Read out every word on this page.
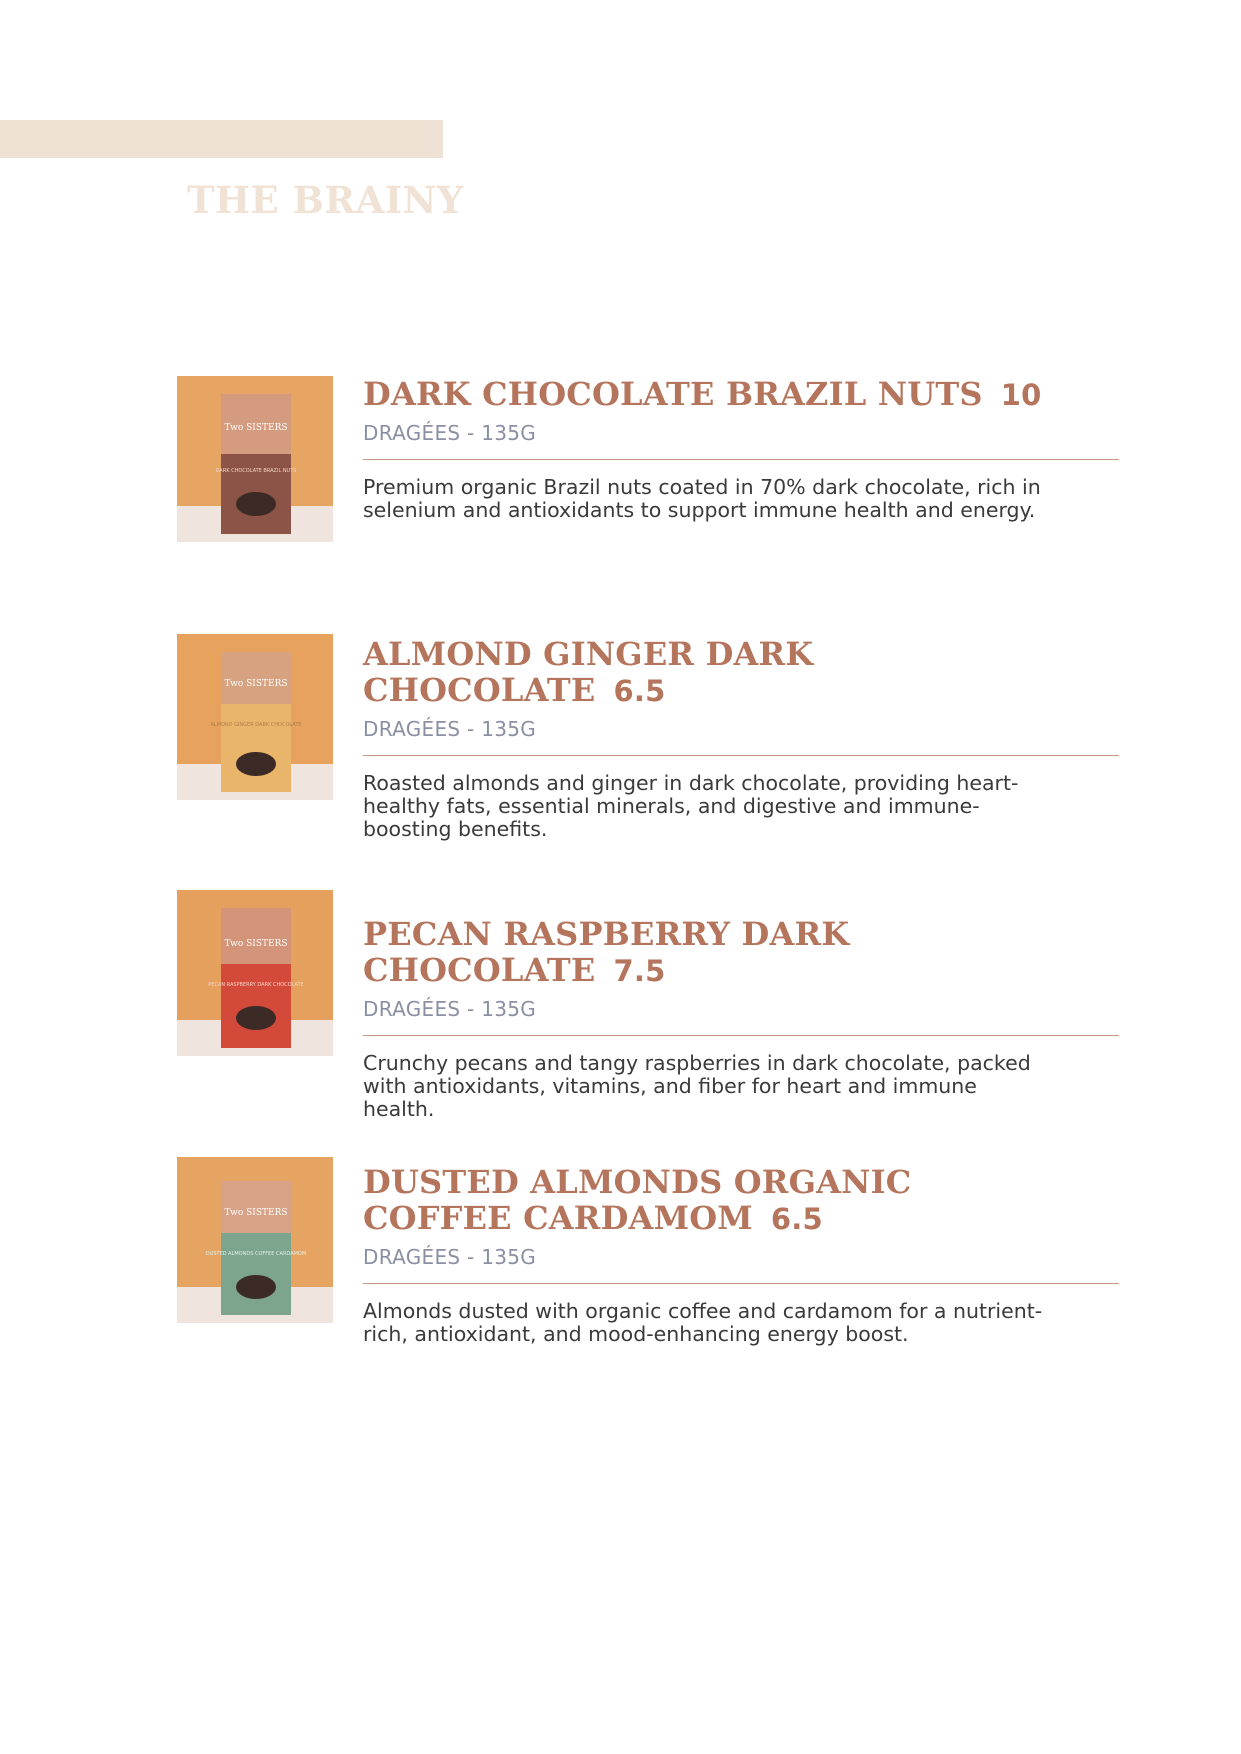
THE BRAINY
Two SISTERS
DARK CHOCOLATE BRAZIL NUTS
DARK CHOCOLATE BRAZIL NUTS 10
DRAGÉES - 135G
Premium organic Brazil nuts coated in 70% dark chocolate, rich in selenium and antioxidants to support immune health and energy.
Two SISTERS
ALMOND GINGER DARK CHOCOLATE
ALMOND GINGER DARK CHOCOLATE 6.5
DRAGÉES - 135G
Roasted almonds and ginger in dark chocolate, providing heart-healthy fats, essential minerals, and digestive and immune-boosting benefits.
Two SISTERS
PECAN RASPBERRY DARK CHOCOLATE
PECAN RASPBERRY DARK CHOCOLATE 7.5
DRAGÉES - 135G
Crunchy pecans and tangy raspberries in dark chocolate, packed with antioxidants, vitamins, and fiber for heart and immune health.
Two SISTERS
DUSTED ALMONDS COFFEE CARDAMOM
DUSTED ALMONDS ORGANIC
COFFEE CARDAMOM 6.5
DRAGÉES - 135G
Almonds dusted with organic coffee and cardamom for a nutrient-rich, antioxidant, and mood-enhancing energy boost.
